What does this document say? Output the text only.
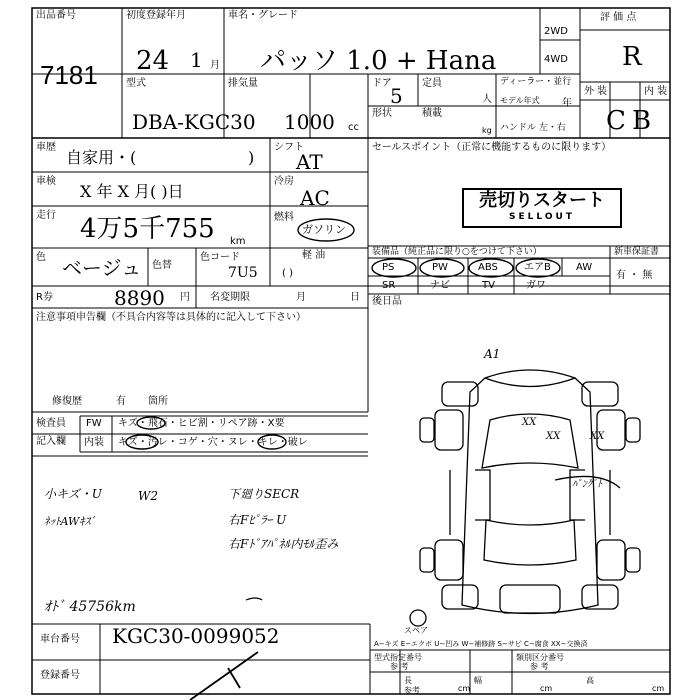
出品番号
7181
初度登録年月
24 1 月
車名・グレード
パッソ 1.0 + Hana
2WD
4WD
評 価 点
R
型式
DBA-KGC30
排気量
1000 cc
ドア
5
定員
人
ディーラー・並行
モデル年式	年
形状	積載
kg ハンドル 左・右
外 装	内 装
C B
車歴
自家用・(	)
シフト
AT
セールスポイント（正常に機能するものに限ります）
車検
X 年 X 月( )日
冷房
AC
走行 4万5千755 km
燃料
ガソリン
軽 油
( )
色 ベージュ 色替
色コード
7U5
R券	8890 円 名変期限	月	日
売切りスタート
SELLOUT
装備品（純正品に限り○をつけて下さい）	新車保証書
有 ・ 無
PS	PW	ABS	エアB	AW
SR	ナビ	TV	ガワ
後日品
注意事項申告欄（不具合内容等は具体的に記入して下さい）
修復歴	有 箇所
検査員
記入欄
FW キズ・飛石・ヒビ割・リペア跡・X要
内装 キズ・汚レ・コゲ・穴・ヌレ・キレ・破レ
小キズ・U	W2
ﾈｯﾄAWｷｽﾞ
下廻りSECR
右Fﾋﾟﾗｰ U
右Fﾄﾞｱﾊﾟﾈﾙ内ﾓﾙ歪み
ｵﾄﾞ 45756km
A1
XX
XX
XX
ﾊﾟﾝｸﾞﾄ
スペア
A−キズ E−エクボ U−凹み W−補修跡 S−サビ C−腐食 XX−交換済
車台番号 KGC30-0099052
登録番号
型式指定番号
参 考
類別区分番号
参 考
長
参考	cm
幅
cm
高
cm
